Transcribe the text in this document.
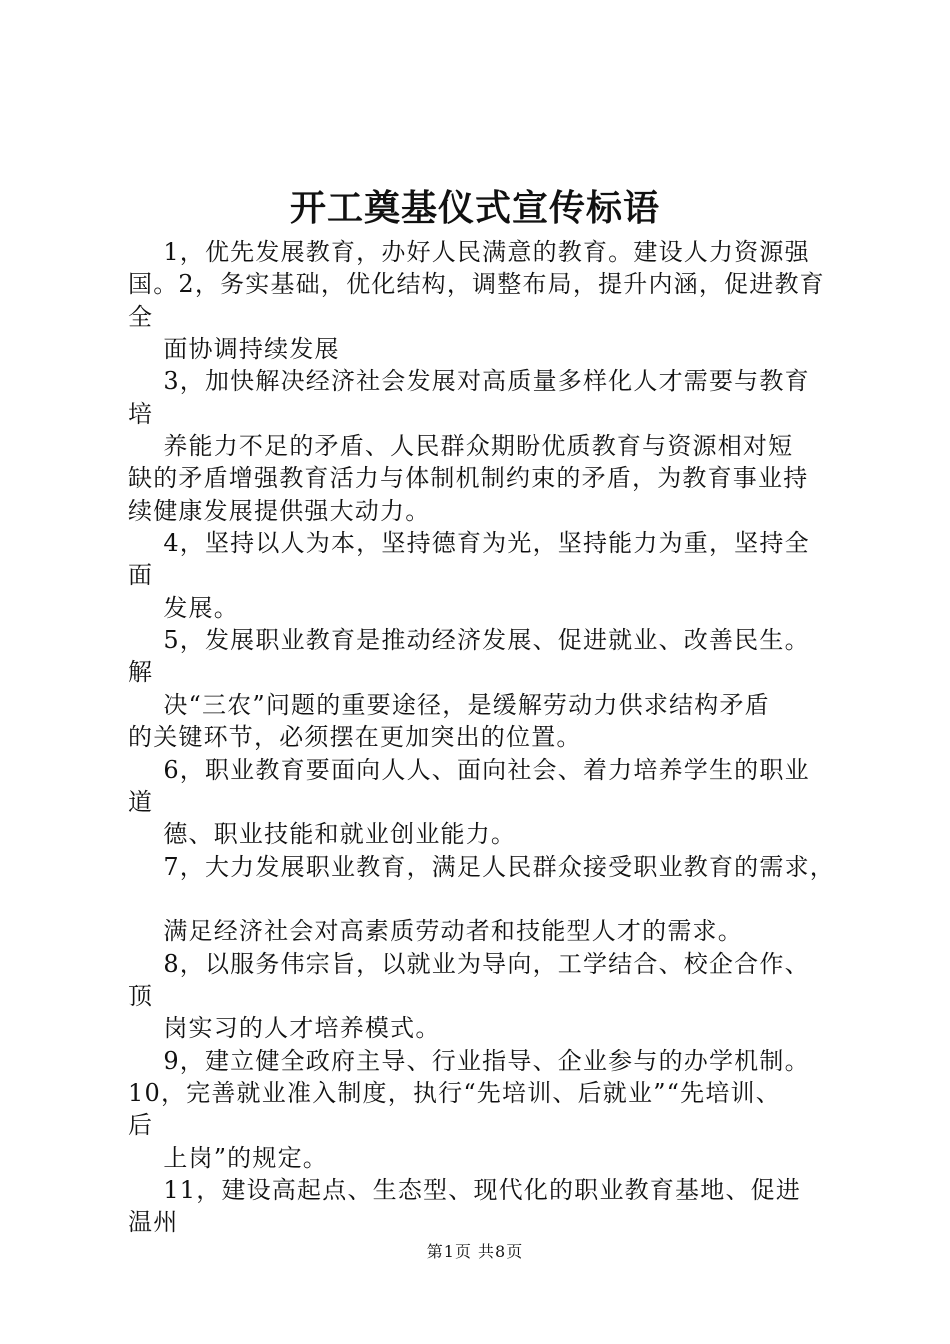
开工奠基仪式宣传标语
1，优先发展教育，办好人民满意的教育。建设人力资源强
国。2，务实基础，优化结构，调整布局，提升内涵，促进教育
全
面协调持续发展
3，加快解决经济社会发展对高质量多样化人才需要与教育
培
养能力不足的矛盾、人民群众期盼优质教育与资源相对短
缺的矛盾增强教育活力与体制机制约束的矛盾，为教育事业持
续健康发展提供强大动力。
4，坚持以人为本，坚持德育为光，坚持能力为重，坚持全
面
发展。
5，发展职业教育是推动经济发展、促进就业、改善民生。
解
决“三农”问题的重要途径，是缓解劳动力供求结构矛盾
的关键环节，必须摆在更加突出的位置。
6，职业教育要面向人人、面向社会、着力培养学生的职业
道
德、职业技能和就业创业能力。
7，大力发展职业教育，满足人民群众接受职业教育的需求，
满足经济社会对高素质劳动者和技能型人才的需求。
8，以服务伟宗旨，以就业为导向，工学结合、校企合作、
顶
岗实习的人才培养模式。
9，建立健全政府主导、行业指导、企业参与的办学机制。
10，完善就业准入制度，执行“先培训、后就业”“先培训、
后
上岗”的规定。
11，建设高起点、生态型、现代化的职业教育基地、促进
温州
第1页 共8页
